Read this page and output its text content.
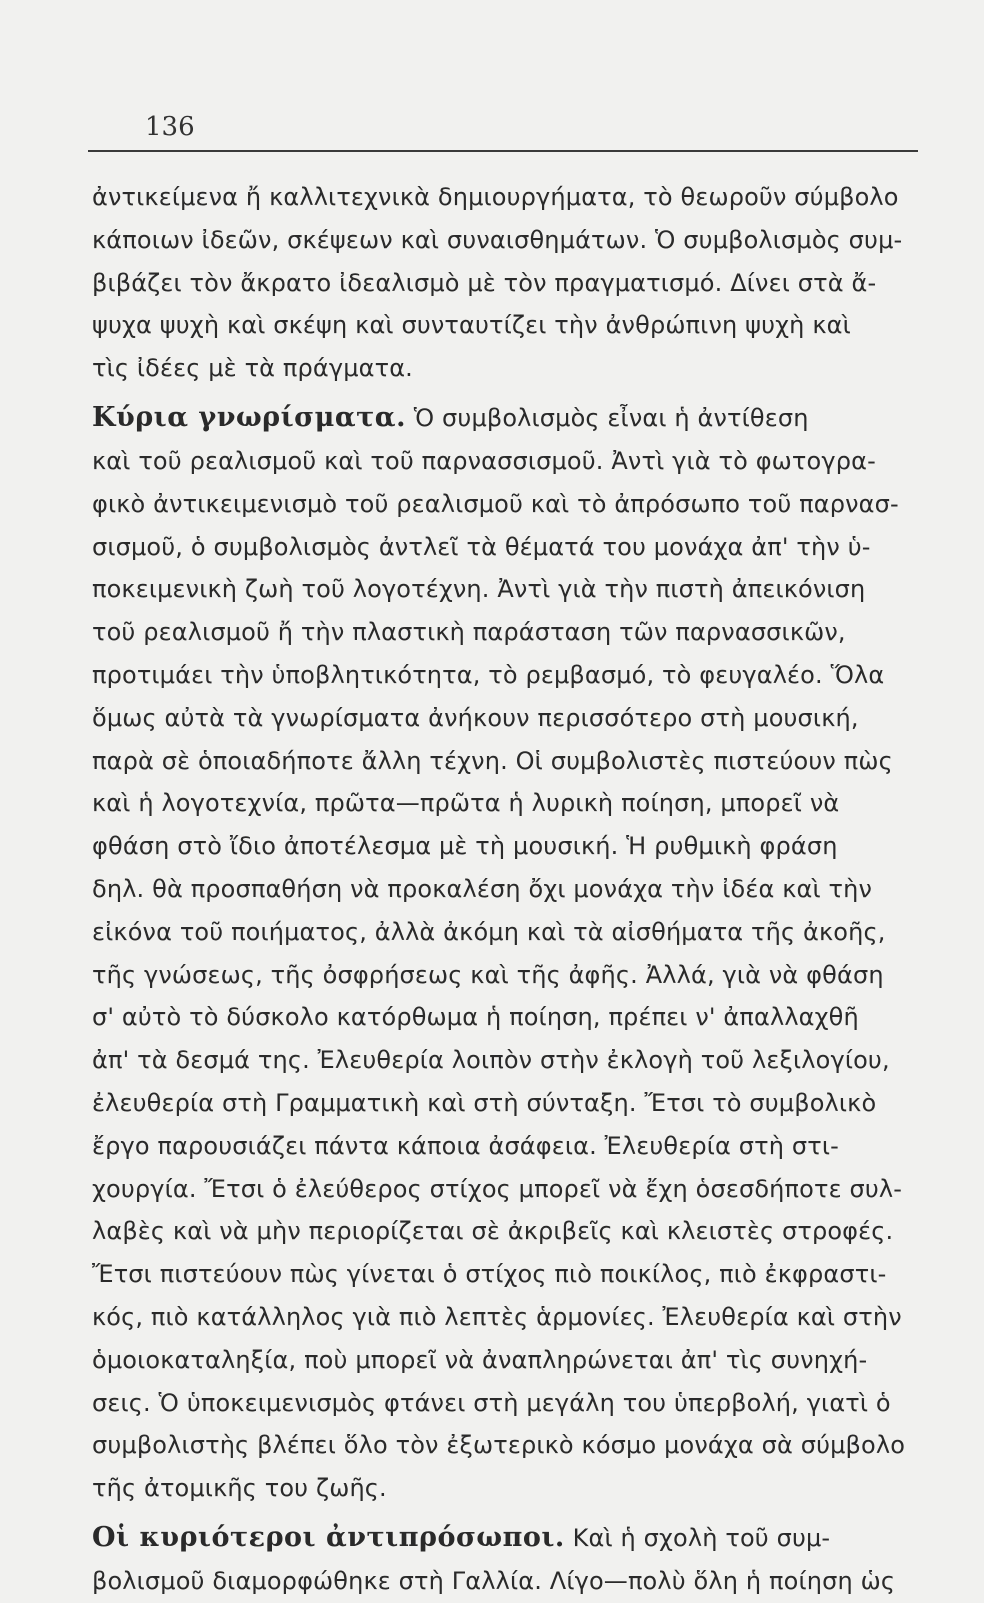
136
ἀντικείμενα ἤ καλλιτεχνικὰ δημιουργήματα, τὸ θεωροῦν σύμβολο
κάποιων ἰδεῶν, σκέψεων καὶ συναισθημάτων. Ὁ συμβολισμὸς συμ-
βιβάζει τὸν ἄκρατο ἰδεαλισμὸ μὲ τὸν πραγματισμό. Δίνει στὰ ἄ-
ψυχα ψυχὴ καὶ σκέψη καὶ συνταυτίζει τὴν ἀνθρώπινη ψυχὴ καὶ
τὶς ἰδέες μὲ τὰ πράγματα.
Κύρια γνωρίσματα. Ὁ συμβολισμὸς εἶναι ἡ ἀντίθεση
καὶ τοῦ ρεαλισμοῦ καὶ τοῦ παρνασσισμοῦ. Ἀντὶ γιὰ τὸ φωτογρα-
φικὸ ἀντικειμενισμὸ τοῦ ρεαλισμοῦ καὶ τὸ ἀπρόσωπο τοῦ παρνασ-
σισμοῦ, ὁ συμβολισμὸς ἀντλεῖ τὰ θέματά του μονάχα ἀπ' τὴν ὑ-
ποκειμενικὴ ζωὴ τοῦ λογοτέχνη. Ἀντὶ γιὰ τὴν πιστὴ ἀπεικόνιση
τοῦ ρεαλισμοῦ ἤ τὴν πλαστικὴ παράσταση τῶν παρνασσικῶν,
προτιμάει τὴν ὑποβλητικότητα, τὸ ρεμβασμό, τὸ φευγαλέο. Ὅλα
ὅμως αὐτὰ τὰ γνωρίσματα ἀνήκουν περισσότερο στὴ μουσική,
παρὰ σὲ ὁποιαδήποτε ἄλλη τέχνη. Οἱ συμβολιστὲς πιστεύουν πὼς
καὶ ἡ λογοτεχνία, πρῶτα—πρῶτα ἡ λυρικὴ ποίηση, μπορεῖ νὰ
φθάση στὸ ἴδιο ἀποτέλεσμα μὲ τὴ μουσική. Ἡ ρυθμικὴ φράση
δηλ. θὰ προσπαθήση νὰ προκαλέση ὄχι μονάχα τὴν ἰδέα καὶ τὴν
εἰκόνα τοῦ ποιήματος, ἀλλὰ ἀκόμη καὶ τὰ αἰσθήματα τῆς ἀκοῆς,
τῆς γνώσεως, τῆς ὀσφρήσεως καὶ τῆς ἀφῆς. Ἀλλά, γιὰ νὰ φθάση
σ' αὐτὸ τὸ δύσκολο κατόρθωμα ἡ ποίηση, πρέπει ν' ἀπαλλαχθῆ
ἀπ' τὰ δεσμά της. Ἐλευθερία λοιπὸν στὴν ἐκλογὴ τοῦ λεξιλογίου,
ἐλευθερία στὴ Γραμματικὴ καὶ στὴ σύνταξη. Ἔτσι τὸ συμβολικὸ
ἔργο παρουσιάζει πάντα κάποια ἀσάφεια. Ἐλευθερία στὴ στι-
χουργία. Ἔτσι ὁ ἐλεύθερος στίχος μπορεῖ νὰ ἔχη ὁσεσδήποτε συλ-
λαβὲς καὶ νὰ μὴν περιορίζεται σὲ ἀκριβεῖς καὶ κλειστὲς στροφές.
Ἔτσι πιστεύουν πὼς γίνεται ὁ στίχος πιὸ ποικίλος, πιὸ ἐκφραστι-
κός, πιὸ κατάλληλος γιὰ πιὸ λεπτὲς ἁρμονίες. Ἐλευθερία καὶ στὴν
ὁμοιοκαταληξία, ποὺ μπορεῖ νὰ ἀναπληρώνεται ἀπ' τὶς συνηχή-
σεις. Ὁ ὑποκειμενισμὸς φτάνει στὴ μεγάλη του ὑπερβολή, γιατὶ ὁ
συμβολιστὴς βλέπει ὅλο τὸν ἐξωτερικὸ κόσμο μονάχα σὰ σύμβολο
τῆς ἀτομικῆς του ζωῆς.
Οἱ κυριότεροι ἀντιπρόσωποι. Καὶ ἡ σχολὴ τοῦ συμ-
βολισμοῦ διαμορφώθηκε στὴ Γαλλία. Λίγο—πολὺ ὅλη ἡ ποίηση ὡς
